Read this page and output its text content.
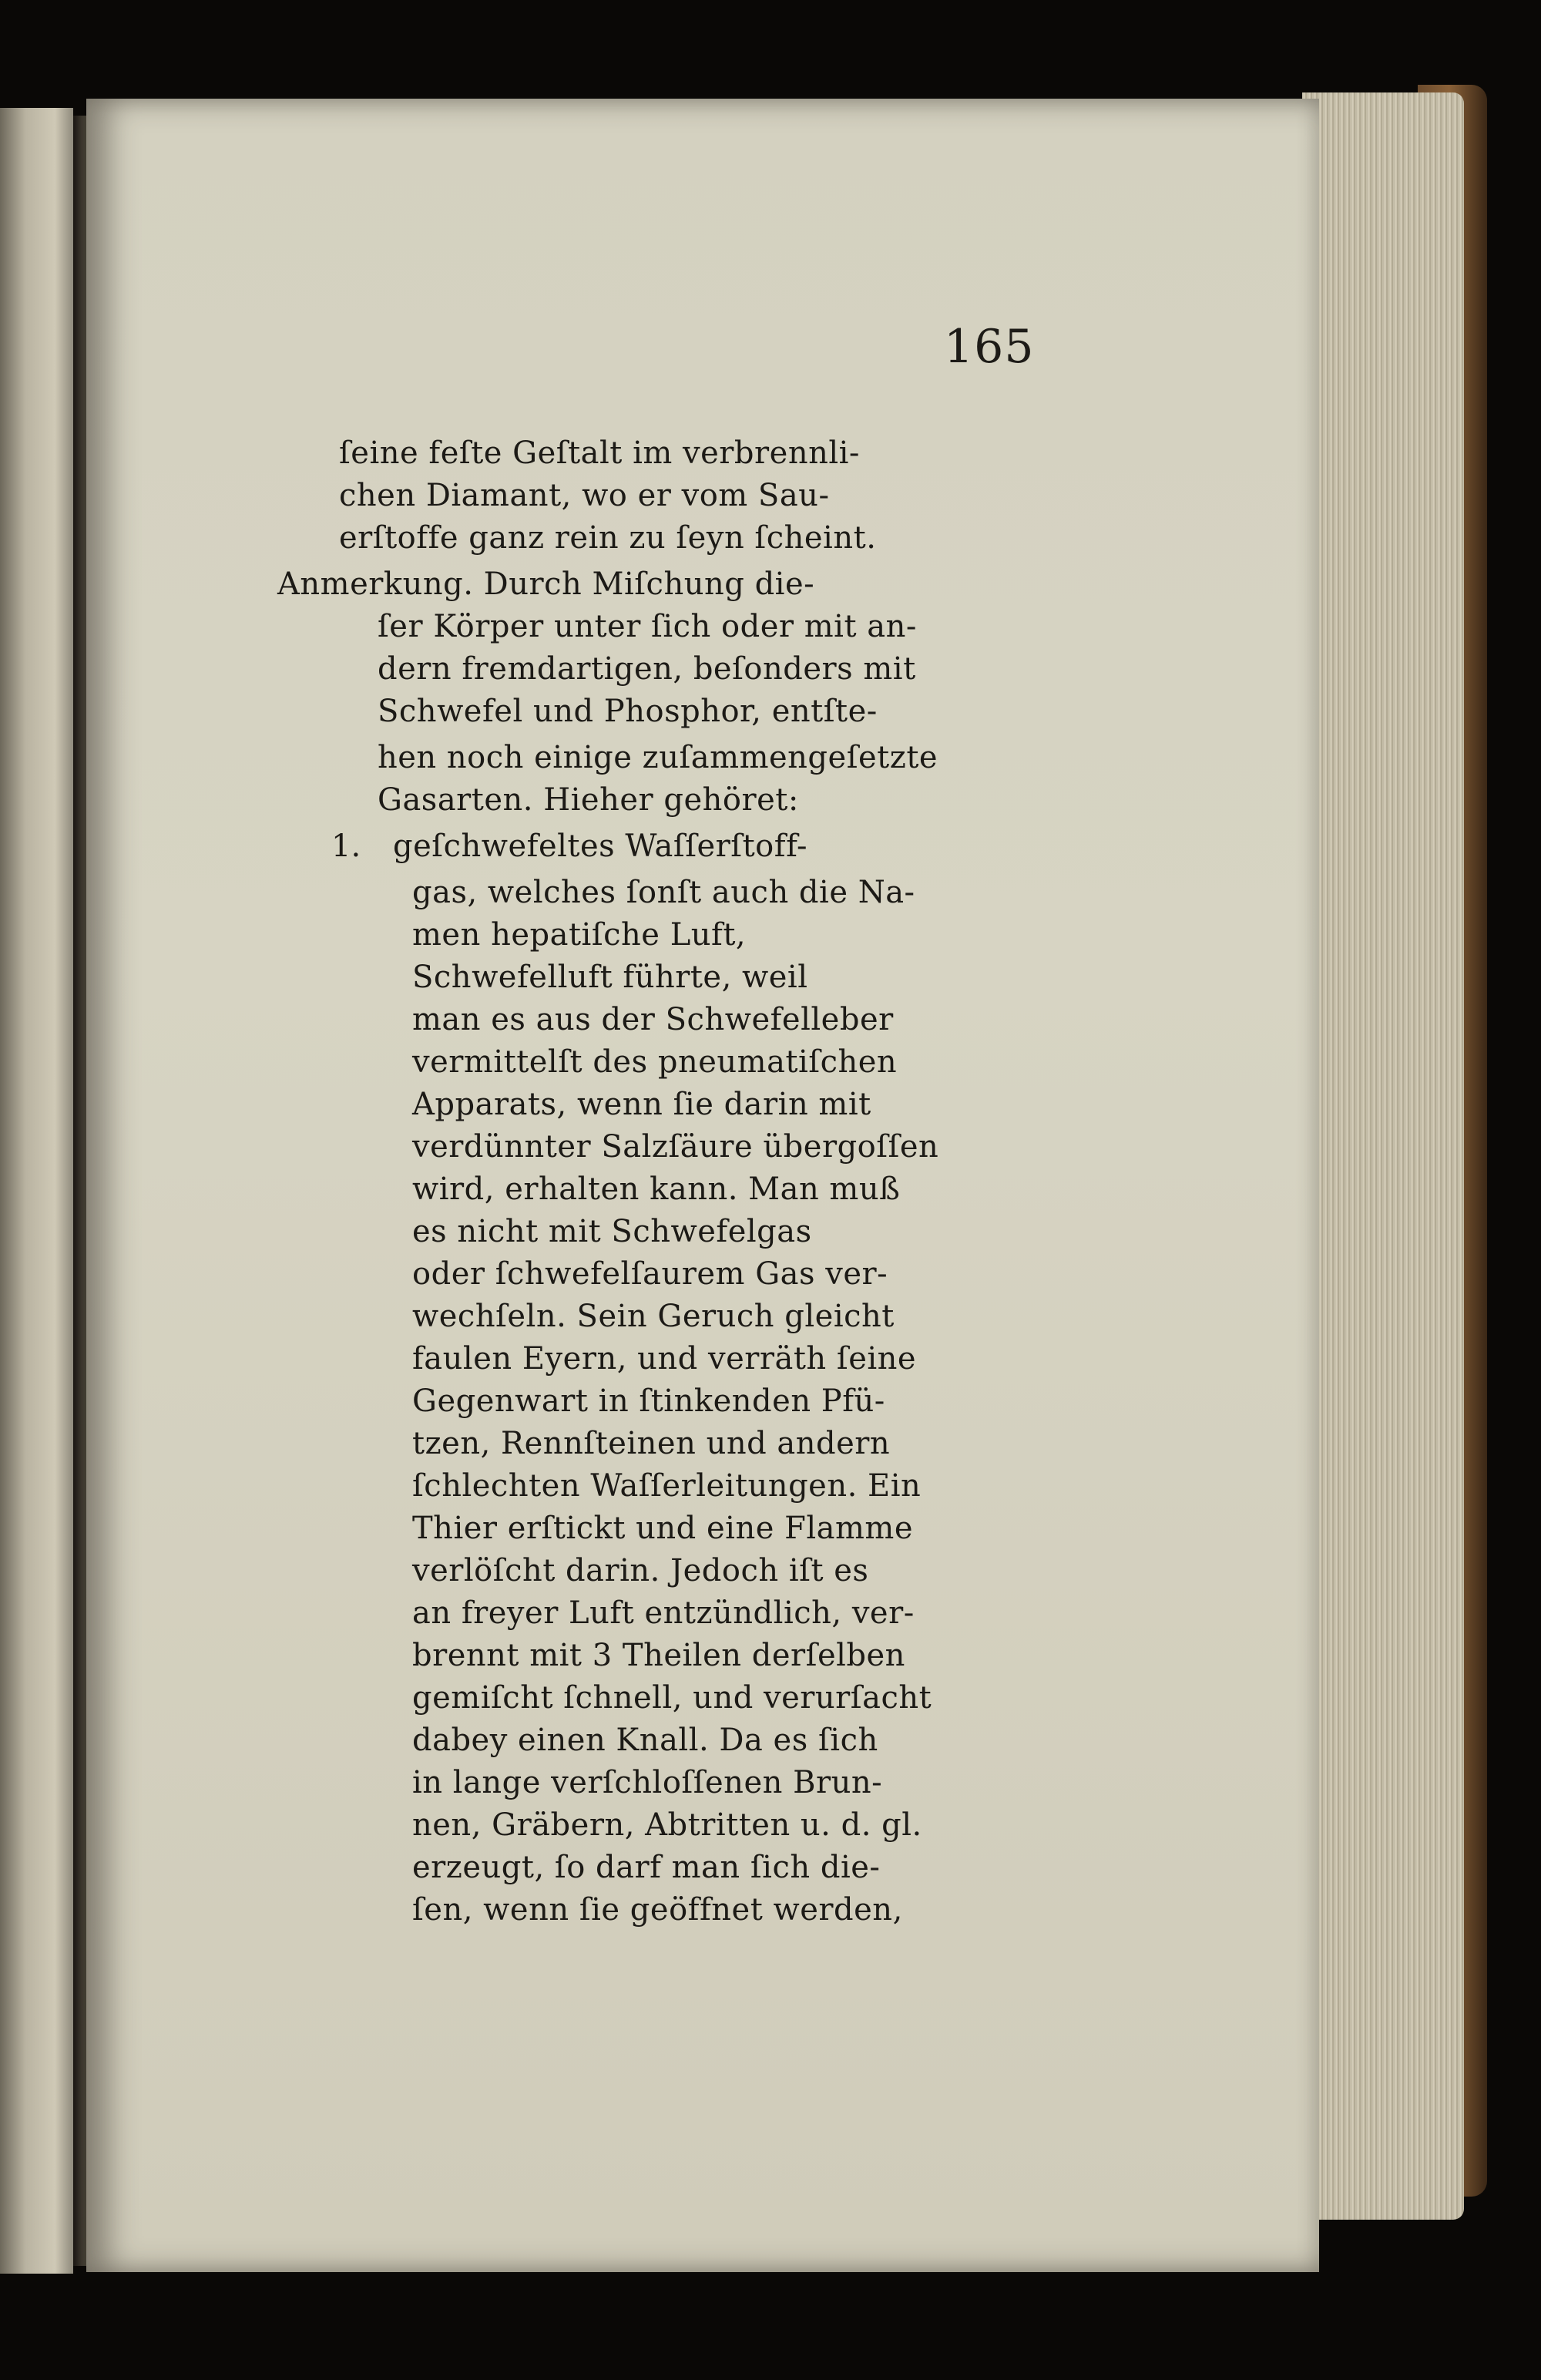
165
ſeine feſte Geſtalt im verbrennli-
chen Diamant, wo er vom Sau-
erſtoffe ganz rein zu ſeyn ſcheint.
Anmerkung. Durch Miſchung die-
ſer Körper unter ſich oder mit an-
dern fremdartigen, beſonders mit
Schwefel und Phosphor, entſte-
hen noch einige zuſammengeſetzte
Gasarten. Hieher gehöret:
1. geſchwefeltes Waſſerſtoff-
gas, welches ſonſt auch die Na-
men hepatiſche Luft,
Schwefelluft führte, weil
man es aus der Schwefelleber
vermittelſt des pneumatiſchen
Apparats, wenn ſie darin mit
verdünnter Salzſäure übergoſſen
wird, erhalten kann. Man muß
es nicht mit Schwefelgas
oder ſchwefelſaurem Gas ver-
wechſeln. Sein Geruch gleicht
faulen Eyern, und verräth ſeine
Gegenwart in ſtinkenden Pfü-
tzen, Rennſteinen und andern
ſchlechten Waſſerleitungen. Ein
Thier erſtickt und eine Flamme
verlöſcht darin. Jedoch iſt es
an freyer Luft entzündlich, ver-
brennt mit 3 Theilen derſelben
gemiſcht ſchnell, und verurſacht
dabey einen Knall. Da es ſich
in lange verſchloſſenen Brun-
nen, Gräbern, Abtritten u. d. gl.
erzeugt, ſo darf man ſich die-
ſen, wenn ſie geöffnet werden,
